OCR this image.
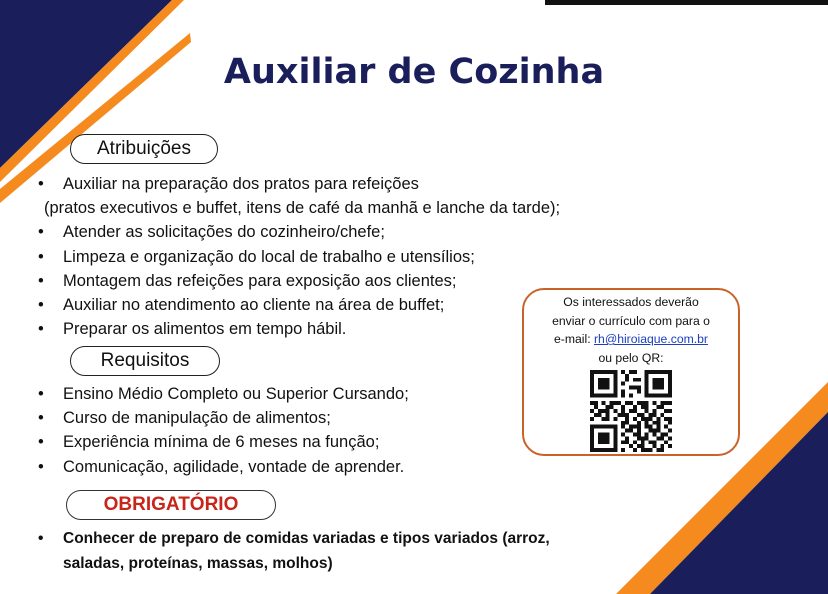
Auxiliar de Cozinha
Atribuições
• Auxiliar na preparação dos pratos para refeições
(pratos executivos e buffet, itens de café da manhã e lanche da tarde);
• Atender as solicitações do cozinheiro/chefe;
• Limpeza e organização do local de trabalho e utensílios;
• Montagem das refeições para exposição aos clientes;
• Auxiliar no atendimento ao cliente na área de buffet;
• Preparar os alimentos em tempo hábil.
Requisitos
• Ensino Médio Completo ou Superior Cursando;
• Curso de manipulação de alimentos;
• Experiência mínima de 6 meses na função;
• Comunicação, agilidade, vontade de aprender.
OBRIGATÓRIO
• Conhecer de preparo de comidas variadas e tipos variados (arroz,
saladas, proteínas, massas, molhos)
Os interessados deverão
enviar o currículo com para o
e-mail: rh@hiroiaque.com.br
ou pelo QR:
